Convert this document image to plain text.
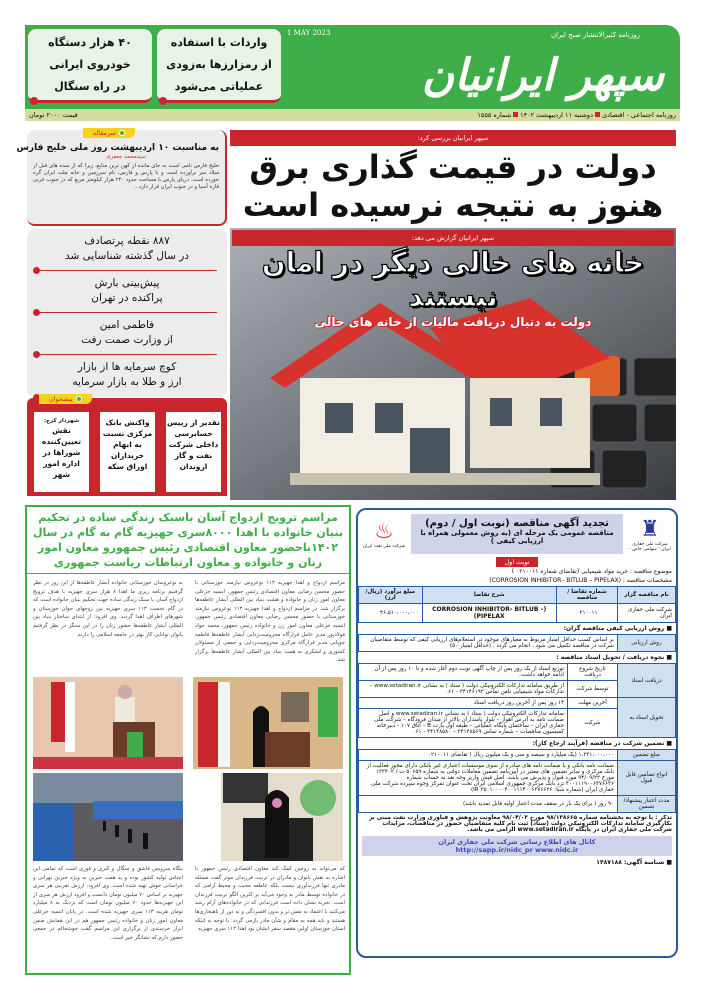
۴۰ هزار دستگاه
خودروی ایرانی
در راه سنگال
واردات با استفاده
از رمزارزها به‌زودی
عملیاتی می‌شود
1 MAY 2023	روزنامه کثیرالانتشار صبح ایران
سپهر ایرانیان
روزنامه اجتماعی - اقتصادیدوشنبه ۱۱ اردیبهشت ۱۴۰۲شماره ۱۵۵۵
قیمت ۲۰۰۰ تومان
سرمقاله
به مناسبت ۱۰ اردیبهشت روز ملی خلیج فارس
سیدمحمد جعفری
خلیج فارس نامی است به جای مانده از کهن ترین منابع، زیرا که از سده های قبل از میلاد سر برآورده است و با پارس و فارس، نام سرزمین و خانه ملت ایران گره خورده است. دریای پارس با مساحت حدود ۲۴۰ هزار کیلومتر مربع که در جنوب غربی قاره آسیا و در جنوب ایران قرار دارد...
۸۸۷ نقطه پرتصادف
در سال گذشته شناسایی شد
پیش‌بینی بارش
پراکنده در تهران
فاطمی امین
از وزارت صمت رفت
کوچ سرمایه ها از بازار
ارز و طلا به بازار سرمایه
پیشخوان
تقدیر از رییس حسابرسی داخلی شرکت نفت و گاز اروندان
واکنش بانک مرکزی نسبت به ابهام خریداران اوراق سکه
شهردار کرج:
نقش تعیین‌کننده شوراها در اداره امور شهر
سپهر ایرانیان بررسی کرد:
دولت در قیمت گذاری برق
هنوز به نتیجه نرسیده است
سپهر ایرانیان گزارش می دهد:
خانه های خالی دیگر در امان نیستند
دولت به دنبال دریافت مالیات از خانه های خالی
مراسم ترویج ازدواج آسان باسبک زندگی ساده در تحکیم بنیان خانواده با اهدا ۸۰۰۰سری جهیزیه گام به گام در سال ۱۴۰۲باحضور معاون اقتصادی رئیس جمهورو معاون امور زنان و خانواده و معاون ارتباطات ریاست جمهوری
مراسم ازدواج و اهدا جهیزیه ۱۱۳ نوعروس نیازمند خوزستانی با حضور محسن رضایی معاون اقتصادی رئیس جمهور، انسیه خزعلی معاون امور زنان و خانواده و هشت بنیاد بین المللی آبشار عاطفه‌ها برگزار شد. در مراسم ازدواج و اهدا جهیزیه ۱۱۳ نوعروس نیازمند خوزستانی با حضور محسن رضایی معاون اقتصادی رئیس جمهور، انسیه خزعلی معاون امور زن و خانواده رئیس جمهور، محمد جواد فولادپور مدیر عامل قرارگاه محرومیت‌زدایی آبشار عاطفه‌ها فاطمه جوپانی مدیر قرارگاه مرکزی محرومیت‌زدایی و جمعی از مسئولان کشوری و لشکری به همت بنیاد بین المللی آبشار عاطفه‌ها برگزار شد.
به نوعروسان خوزستانی خانواده آبشار عاطفه‌ها از این روز در نظر گرفتیم برنامه ریزی ما اهدا ۸ هزار سری جهیزیه با هدف ترویج ازدواج آسان با سبک زندگی ساده جهت تحکیم بنیان خانواده است که در گام نخست ۱۱۳ سری جهیزیه بین زوجهای جوان خوزستان و شهرهای اطراف اهدا گردید. وی افزود: از ابتدای ساختار بنیاد بین المللی آبشار عاطفه‌ها حضور زنان را در این سنگر در نظر گرفتیم بانوان توانایی کار بهتر در جامعه اسلامی را دارند.
که می‌تواند به زوجین کمک کند معاون اقتصادی رئیس جمهور با اشاره به نقش بانوان و مادران در تربیت فرزندان موثر گفت مسئله مادری تنها فرزندآوری نیست بلکه عاطفه محبت و محیط آرامی که در خانواده توسط مادر به وجود می‌آید بر کثرین الگو تربیت فرزندان است. تجربه نشان داده است فرزندانی که در خانواده‌های آرام رشد می‌کنند با اعتماد به نفس تر و بدون افسردگی و به دور از ناهنجاری‌ها هستند و باید همه به مقام و شأن مادر بازمی گردد. با توجه به اینکه استان خوزستان اولین مقصد سفر ایشان بود اهدا ۱۱۳ سری جهیزیه
بنگاه سرویس قاشق و چنگال و کتری و قوری است که تمامی این اجناس تولید کشور بوده و به همت خیرین به ویژه خیرین تهرانی و خراسانی خوش تهیه شده است. وی افزود: ارزش تقریبی هر سری جهیزیه بر اساس ۷۰ میلیون تومان دانست و افزود ارزش هر سری از این جهیزیه‌ها حدود ۷۰ میلیون تومان است که نزدیک به ۸ میلیارد تومان هزینه ۱۱۳ سری جهیزیه شده است. در پایان انسیه خزعلی معاون امور زنان و خانواده رئیس جمهور هم در این همایش ضمن ابراز خرسندی از برگزاری این مراسم گفت خوشحالم در جمعی حضور دارم که نشانگر خیر است.
♜
شرکت ملی حفاری ایران - سهامی خاص -
تجدید آگهی مناقصه (نوبت اول / دوم)
مناقصه عمومی یک مرحله ای (به روش معمولی همراه با ارزیابی کیفی )
♨
شرکت ملی نفت ایران
نوبت اول
موضوع مناقصه : خرید مواد شیمیایی (تقاضای شماره ۰۲۱۰۰۱۱ )
مشخصات مناقصه : (CORROSION INHIBITOR– BITLUB – PIPELAX)
نام مناقصه گزار	شماره تقاضا / مناقصه	شرح تقاضا	مبلغ برآورد (ریال/ارز)
شرکت ملی حفاری ایران	۰۲۱۰۰۱۱	CORROSION INHIBITOR- BITLUB –) (PIPELAX	۴۶،۵۱۰،۰۰۰،۰۰۰
■ روش ارزیابی کیفی مناقصه گران:
روش ارزیابی	بر اساس کسب حداقل امتیاز مربوط به معیارهای موجود در استعلام‌های ارزیابی کیفی که توسط متقاضیان شرکت در مناقصه تکمیل می شود ، انجام می گردد . (حداقل امتیاز ۵۰)
■ نحوه دریافت / تحویل اسناد مناقصه :
دریافت اسناد	تاریخ شروع دریافت	توزیع اسناد از یک روز پس از چاپ آگهی نوبت دوم آغاز شده و تا ۱۰ روز پس از آن ادامه خواهد داشت.
	توسط شرکت	از طریق سامانه تدارکات الکترونیکی دولت ( ستاد ) به نشانی www.setadiran.ir –تدارکات مواد شیمیایی تلفن تماس ۳۴۱۴۶۱۹۲ - ۰۶۱
تحویل اسناد به	آخرین مهلت	۱۴ روز پس از آخرین روز دریافت اسناد
	شرکت	سامانه تدارکات الکترونیکی دولت ( ستاد ) به نشانی www.setadiran.ir و اصل ضمانت نامه به آدرس اهواز – بلوار پاسداران بالاتر از میدان فرودگاه – شرکت ملی حفاری ایران – ساختمان پایگاه عملیاتی – طبقه اول پارت B – اتاق ۱۰۷ - دبیرخانه کمیسیون مناقصات – شماره تماس ۳۴۱۴۸۵۶۹ – ۳۴۱۴۸۵۸۰ - ۰۶۱
■ تضمین شرکت در مناقصه (فرآیند ارجاع کار):
مبلغ تضمین	۱،۳۳۱،۰۰۰،۰۰۰ (یک میلیارد و سیصد و سی و یک میلیون ریال ) تقاضای ۰۲۱۰۰۱۱
انواع تضامین قابل قبول	ضمانت نامه بانکی و یا ضمانت نامه های صادره از سوی موسسات اعتباری غیر بانکی دارای مجوز فعالیت از بانک مرکزی و سایر تضمین های معتبر در آیین‌نامه تضمین معاملات دولتی به شماره ۵۰۶۵۹ ت / ۱۳۳۴۰۲ مورخ ۹۴/۰۹/۲۲ مورد قبول و پذیرش می باشد. اصل فیش واریز وجه نقد به حساب شماره ۴۰۰۱۱۱۹۰۰۶۳۷۶۶۳۶ نزد بانک مرکزی جمهوری اسلامی ایران تحت عنوان تمرکز وجوه سپرده شرکت ملی حفاری ایران (شماره شبا: IR ۳۵۰۱۰۰۰۰۴۰۰۱۱۱۴۰۰۶۳۷۶۶۳۶)
مدت اعتبار پیشنهاد/ تضمین	۹۰ روز ( برای یک بار در سقف مدت اعتبار اولیه قابل تمدید باشد)
تذکر : با توجه به بخشنامه شماره ۹۸/۱۳۸۶۶۵ مورخ ۹۸/۰۴/۰۳ معاونت پژوهش و فناوری وزارت نفت مبنی بر بکارگیری سامانه تدارکات الکترونیکی دولت (ستاد) ثبت نام کلیه متقاضیان حضور در مناقصات، مزایدات شرکت ملی حفاری ایران در پایگاه www.setadiran.ir الزامی می باشد.
کانال های اطلاع رسانی شرکت ملی حفاری ایران
http://sapp.ir/nidc_pr www.nidc.ir
■ شناسه آگهی: ۱۴۸۷۱۸۸
